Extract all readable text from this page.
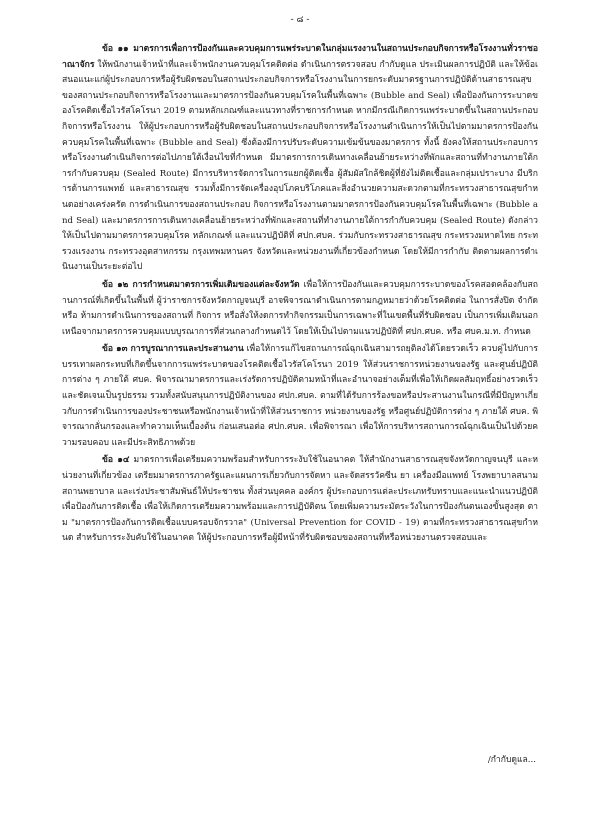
- ๘ -

ข้อ ๑๑ มาตรการเพื่อการป้องกันและควบคุมการแพร่ระบาดในกลุ่มแรงงานในสถานประกอบกิจการหรือโรงงานทั่วราชอาณาจักร ให้พนักงานเจ้าหน้าที่และเจ้าพนักงานควบคุมโรคติดต่อ ดำเนินการตรวจสอบ กำกับดูแล ประเมินผลการปฏิบัติ และให้ข้อเสนอแนะแก่ผู้ประกอบการหรือผู้รับผิดชอบในสถานประกอบกิจการหรือโรงงานในการยกระดับมาตรฐานการปฏิบัติด้านสาธารณสุข ของสถานประกอบกิจการหรือโรงงานและมาตรการป้องกันควบคุมโรคในพื้นที่เฉพาะ (Bubble and Seal) เพื่อป้องกันการระบาดของโรคติดเชื้อไวรัสโคโรนา 2019 ตามหลักเกณฑ์และแนวทางที่ราชการกำหนด หากมีกรณีเกิดการแพร่ระบาดขึ้นในสถานประกอบกิจการหรือโรงงาน ให้ผู้ประกอบการหรือผู้รับผิดชอบในสถานประกอบกิจการหรือโรงงานดำเนินการให้เป็นไปตามมาตรการป้องกันควบคุมโรคในพื้นที่เฉพาะ (Bubble and Seal) ซึ่งต้องมีการปรับระดับความเข้มข้นของมาตรการ ทั้งนี้ ยังคงให้สถานประกอบการหรือโรงงานดำเนินกิจการต่อไปภายใต้เงื่อนไขที่กำหนด มีมาตรการการเดินทางเคลื่อนย้ายระหว่างที่พักและสถานที่ทำงานภายใต้การกำกับควบคุม (Sealed Route) มีการบริหารจัดการในการแยกผู้ติดเชื้อ ผู้สัมผัสใกล้ชิดผู้ที่ยังไม่ติดเชื้อและกลุ่มเปราะบาง มีบริการด้านการแพทย์ และสาธารณสุข รวมทั้งมีการจัดเครื่องอุปโภคบริโภคและสิ่งอำนวยความสะดวกตามที่กระทรวงสาธารณสุขกำหนดอย่างเคร่งครัด การดำเนินการของสถานประกอบ กิจการหรือโรงงานตามมาตรการป้องกันควบคุมโรคในพื้นที่เฉพาะ (Bubble and Seal) และมาตรการการเดินทางเคลื่อนย้ายระหว่างที่พักและสถานที่ทำงานภายใต้การกำกับควบคุม (Sealed Route) ดังกล่าว ให้เป็นไปตามมาตรการควบคุมโรค หลักเกณฑ์ และแนวปฏิบัติที่ ศปก.ศบค. ร่วมกับกระทรวงสาธารณสุข กระทรวงมหาดไทย กระทรวงแรงงาน กระทรวงอุตสาหกรรม กรุงเทพมหานคร จังหวัดและหน่วยงานที่เกี่ยวข้องกำหนด โดยให้มีการกำกับ ติดตามผลการดำเนินงานเป็นระยะต่อไป

ข้อ ๑๒ การกำหนดมาตรการเพิ่มเติมของแต่ละจังหวัด เพื่อให้การป้องกันและควบคุมการระบาดของโรคสอดคล้องกับสถานการณ์ที่เกิดขึ้นในพื้นที่ ผู้ว่าราชการจังหวัดกาญจนบุรี อาจพิจารณาดำเนินการตามกฎหมายว่าด้วยโรคติดต่อ ในการสั่งปิด จำกัด หรือ ห้ามการดำเนินการของสถานที่ กิจการ หรือสั่งให้งดการทำกิจกรรมเป็นการเฉพาะที่ในเขตพื้นที่รับผิดชอบ เป็นการเพิ่มเติมนอกเหนือจากมาตรการควบคุมแบบบูรณาการที่ส่วนกลางกำหนดไว้ โดยให้เป็นไปตามแนวปฏิบัติที่ ศปก.ศบค. หรือ ศบค.ม.ท. กำหนด

ข้อ ๑๓ การบูรณาการและประสานงาน เพื่อให้การแก้ไขสถานการณ์ฉุกเฉินสามารถยุติลงได้โดยรวดเร็ว ควบคู่ไปกับการบรรเทาผลกระทบที่เกิดขึ้นจากการแพร่ระบาดของโรคติดเชื้อไวรัสโคโรนา 2019 ให้ส่วนราชการหน่วยงานของรัฐ และศูนย์ปฏิบัติการต่าง ๆ ภายใต้ ศบค. พิจารณามาตรการและเร่งรัดการปฏิบัติตามหน้าที่และอำนาจอย่างเต็มที่เพื่อให้เกิดผลสัมฤทธิ์อย่างรวดเร็วและชัดเจนเป็นรูปธรรม รวมทั้งสนับสนุนการปฏิบัติงานของ ศปก.ศบค. ตามที่ได้รับการร้องขอหรือประสานงานในกรณีที่มีปัญหาเกี่ยวกับการดำเนินการของประชาชนหรือพนักงานเจ้าหน้าที่ให้ส่วนราชการ หน่วยงานของรัฐ หรือศูนย์ปฏิบัติการต่าง ๆ ภายใต้ ศบค. พิจารณากลั่นกรองและทำความเห็นเบื้องต้น ก่อนเสนอต่อ ศปก.ศบค. เพื่อพิจารณา เพื่อให้การบริหารสถานการณ์ฉุกเฉินเป็นไปด้วยความรอบคอบ และมีประสิทธิภาพด้วย

ข้อ ๑๔ มาตรการเพื่อเตรียมความพร้อมสำหรับการระงับใช้ในอนาคต ให้สำนักงานสาธารณสุขจังหวัดกาญจนบุรี และหน่วยงานที่เกี่ยวข้อง เตรียมมาตรการภาครัฐและแผนการเกี่ยวกับการจัดหา และจัดสรรวัคซีน ยา เครื่องมือแพทย์ โรงพยาบาลสนาม สถานพยาบาล และเร่งประชาสัมพันธ์ให้ประชาชน ทั้งส่วนบุคคล องค์กร ผู้ประกอบการแต่ละประเภทรับทราบและแนะนำแนวปฏิบัติเพื่อป้องกันการติดเชื้อ เพื่อให้เกิดการเตรียมความพร้อมและการปฏิบัติตน โดยเพิ่มความระมัดระวังในการป้องกันตนเองขั้นสูงสุด ตาม "มาตรการป้องกันการติดเชื้อแบบครอบจักรวาล" (Universal Prevention for COVID - 19) ตามที่กระทรวงสาธารณสุขกำหนด สำหรับการระงับคับใช้ในอนาคต ให้ผู้ประกอบการหรือผู้มีหน้าที่รับผิดชอบของสถานที่หรือหน่วยงานตรวจสอบและ

/กำกับดูแล...
